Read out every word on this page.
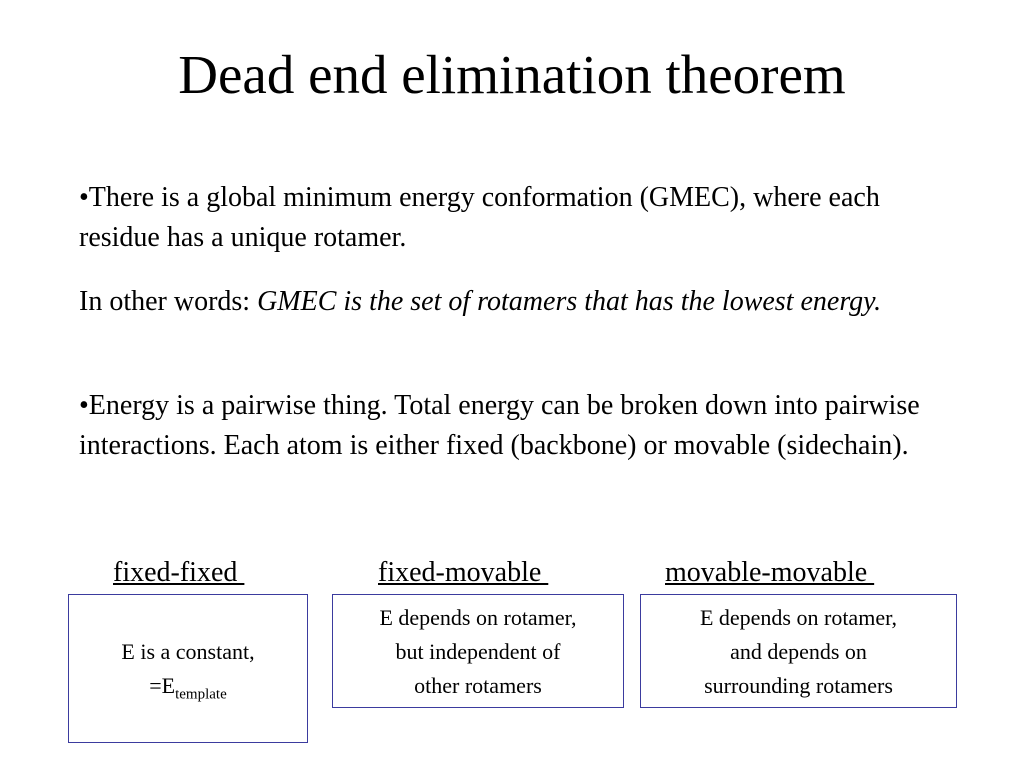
Dead end elimination theorem
•There is a global minimum energy conformation (GMEC), where each residue has a unique rotamer.
In other words: GMEC is the set of rotamers that has the lowest energy.
•Energy is a pairwise thing. Total energy can be broken down into pairwise interactions. Each atom is either fixed (backbone) or movable (sidechain).
fixed-fixed	fixed-movable	movable-movable
E is a constant,
$=E_{template}$
E depends on rotamer,
but independent of
other rotamers
E depends on rotamer,
and depends on
surrounding rotamers
